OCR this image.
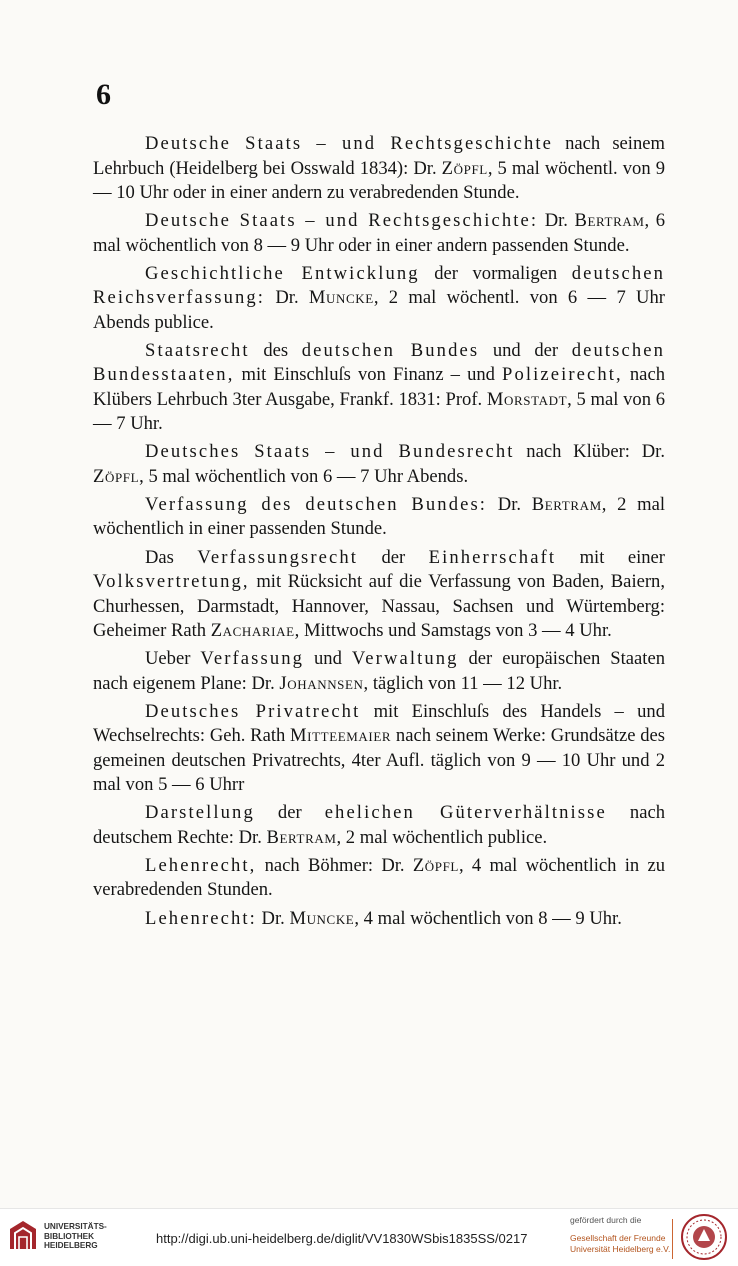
6

Deutsche Staats – und Rechtsgeschichte nach seinem Lehrbuch (Heidelberg bei Osswald 1834): Dr. Zöpfl, 5 mal wöchentl. von 9 — 10 Uhr oder in einer andern zu verabredenden Stunde.

Deutsche Staats – und Rechtsgeschichte: Dr. Bertram, 6 mal wöchentlich von 8 — 9 Uhr oder in einer andern passenden Stunde.

Geschichtliche Entwicklung der vormaligen deutschen Reichsverfassung: Dr. Muncke, 2 mal wöchentl. von 6 — 7 Uhr Abends publice.

Staatsrecht des deutschen Bundes und der deutschen Bundesstaaten, mit Einschluſs von Finanz – und Polizeirecht, nach Klübers Lehrbuch 3ter Ausgabe, Frankf. 1831: Prof. Morstadt, 5 mal von 6 — 7 Uhr.

Deutsches Staats – und Bundesrecht nach Klüber: Dr. Zöpfl, 5 mal wöchentlich von 6 — 7 Uhr Abends.

Verfassung des deutschen Bundes: Dr. Bertram, 2 mal wöchentlich in einer passenden Stunde.

Das Verfassungsrecht der Einherrschaft mit einer Volksvertretung, mit Rücksicht auf die Verfassung von Baden, Baiern, Churhessen, Darmstadt, Hannover, Nassau, Sachsen und Würtemberg: Geheimer Rath Zachariae, Mittwochs und Samstags von 3 — 4 Uhr.

Ueber Verfassung und Verwaltung der europäischen Staaten nach eigenem Plane: Dr. Johannsen, täglich von 11 — 12 Uhr.

Deutsches Privatrecht mit Einschluſs des Handels – und Wechselrechts: Geh. Rath Mitteemaier nach seinem Werke: Grundsätze des gemeinen deutschen Privatrechts, 4ter Aufl. täglich von 9 — 10 Uhr und 2 mal von 5 — 6 Uhrr

Darstellung der ehelichen Güterverhältnisse nach deutschem Rechte: Dr. Bertram, 2 mal wöchentlich publice.

Lehenrecht, nach Böhmer: Dr. Zöpfl, 4 mal wöchentlich in zu verabredenden Stunden.

Lehenrecht: Dr. Muncke, 4 mal wöchentlich von 8 — 9 Uhr.

UNIVERSITÄTS-
BIBLIOTHEK
HEIDELBERG	http://digi.ub.uni-heidelberg.de/diglit/VV1830WSbis1835SS/0217
gefördert durch die
Gesellschaft der Freunde
Universität Heidelberg e.V.
